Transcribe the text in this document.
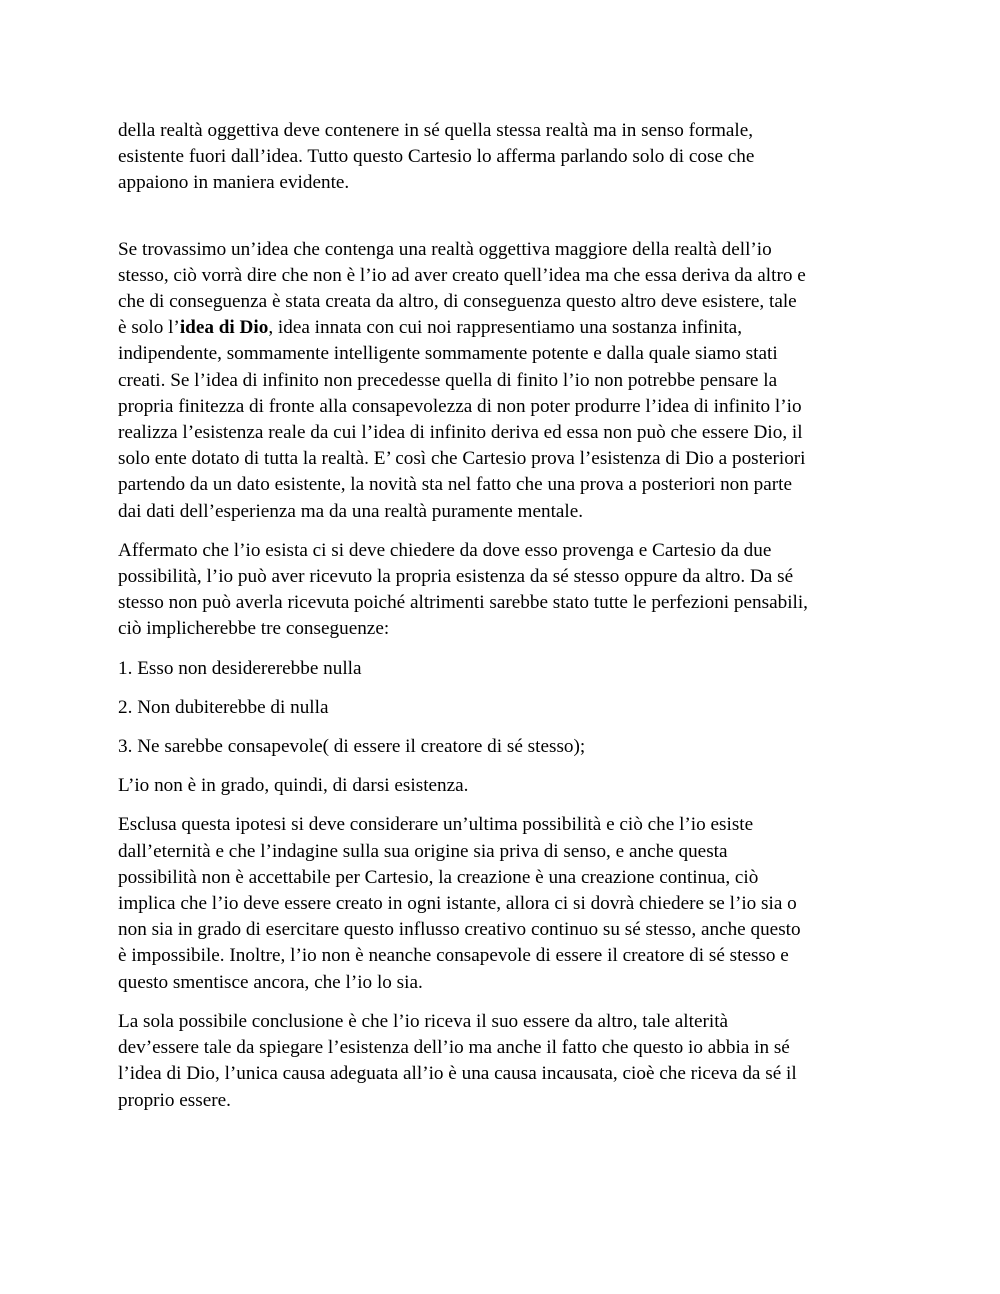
della realtà oggettiva deve contenere in sé quella stessa realtà ma in senso formale,
esistente fuori dall’idea. Tutto questo Cartesio lo afferma parlando solo di cose che
appaiono in maniera evidente.

Se trovassimo un’idea che contenga una realtà oggettiva maggiore della realtà dell’io
stesso, ciò vorrà dire che non è l’io ad aver creato quell’idea ma che essa deriva da altro e
che di conseguenza è stata creata da altro, di conseguenza questo altro deve esistere, tale
è solo l’idea di Dio, idea innata con cui noi rappresentiamo una sostanza infinita,
indipendente, sommamente intelligente sommamente potente e dalla quale siamo stati
creati. Se l’idea di infinito non precedesse quella di finito l’io non potrebbe pensare la
propria finitezza di fronte alla consapevolezza di non poter produrre l’idea di infinito l’io
realizza l’esistenza reale da cui l’idea di infinito deriva ed essa non può che essere Dio, il
solo ente dotato di tutta la realtà. E’ così che Cartesio prova l’esistenza di Dio a posteriori
partendo da un dato esistente, la novità sta nel fatto che una prova a posteriori non parte
dai dati dell’esperienza ma da una realtà puramente mentale.

Affermato che l’io esista ci si deve chiedere da dove esso provenga e Cartesio da due
possibilità, l’io può aver ricevuto la propria esistenza da sé stesso oppure da altro. Da sé
stesso non può averla ricevuta poiché altrimenti sarebbe stato tutte le perfezioni pensabili,
ciò implicherebbe tre conseguenze:

1. Esso non desidererebbe nulla
2. Non dubiterebbe di nulla
3. Ne sarebbe consapevole( di essere il creatore di sé stesso);

L’io non è in grado, quindi, di darsi esistenza.

Esclusa questa ipotesi si deve considerare un’ultima possibilità e ciò che l’io esiste
dall’eternità e che l’indagine sulla sua origine sia priva di senso, e anche questa
possibilità non è accettabile per Cartesio, la creazione è una creazione continua, ciò
implica che l’io deve essere creato in ogni istante, allora ci si dovrà chiedere se l’io sia o
non sia in grado di esercitare questo influsso creativo continuo su sé stesso, anche questo
è impossibile. Inoltre, l’io non è neanche consapevole di essere il creatore di sé stesso e
questo smentisce ancora, che l’io lo sia.

La sola possibile conclusione è che l’io riceva il suo essere da altro, tale alterità
dev’essere tale da spiegare l’esistenza dell’io ma anche il fatto che questo io abbia in sé
l’idea di Dio, l’unica causa adeguata all’io è una causa incausata, cioè che riceva da sé il
proprio essere.
